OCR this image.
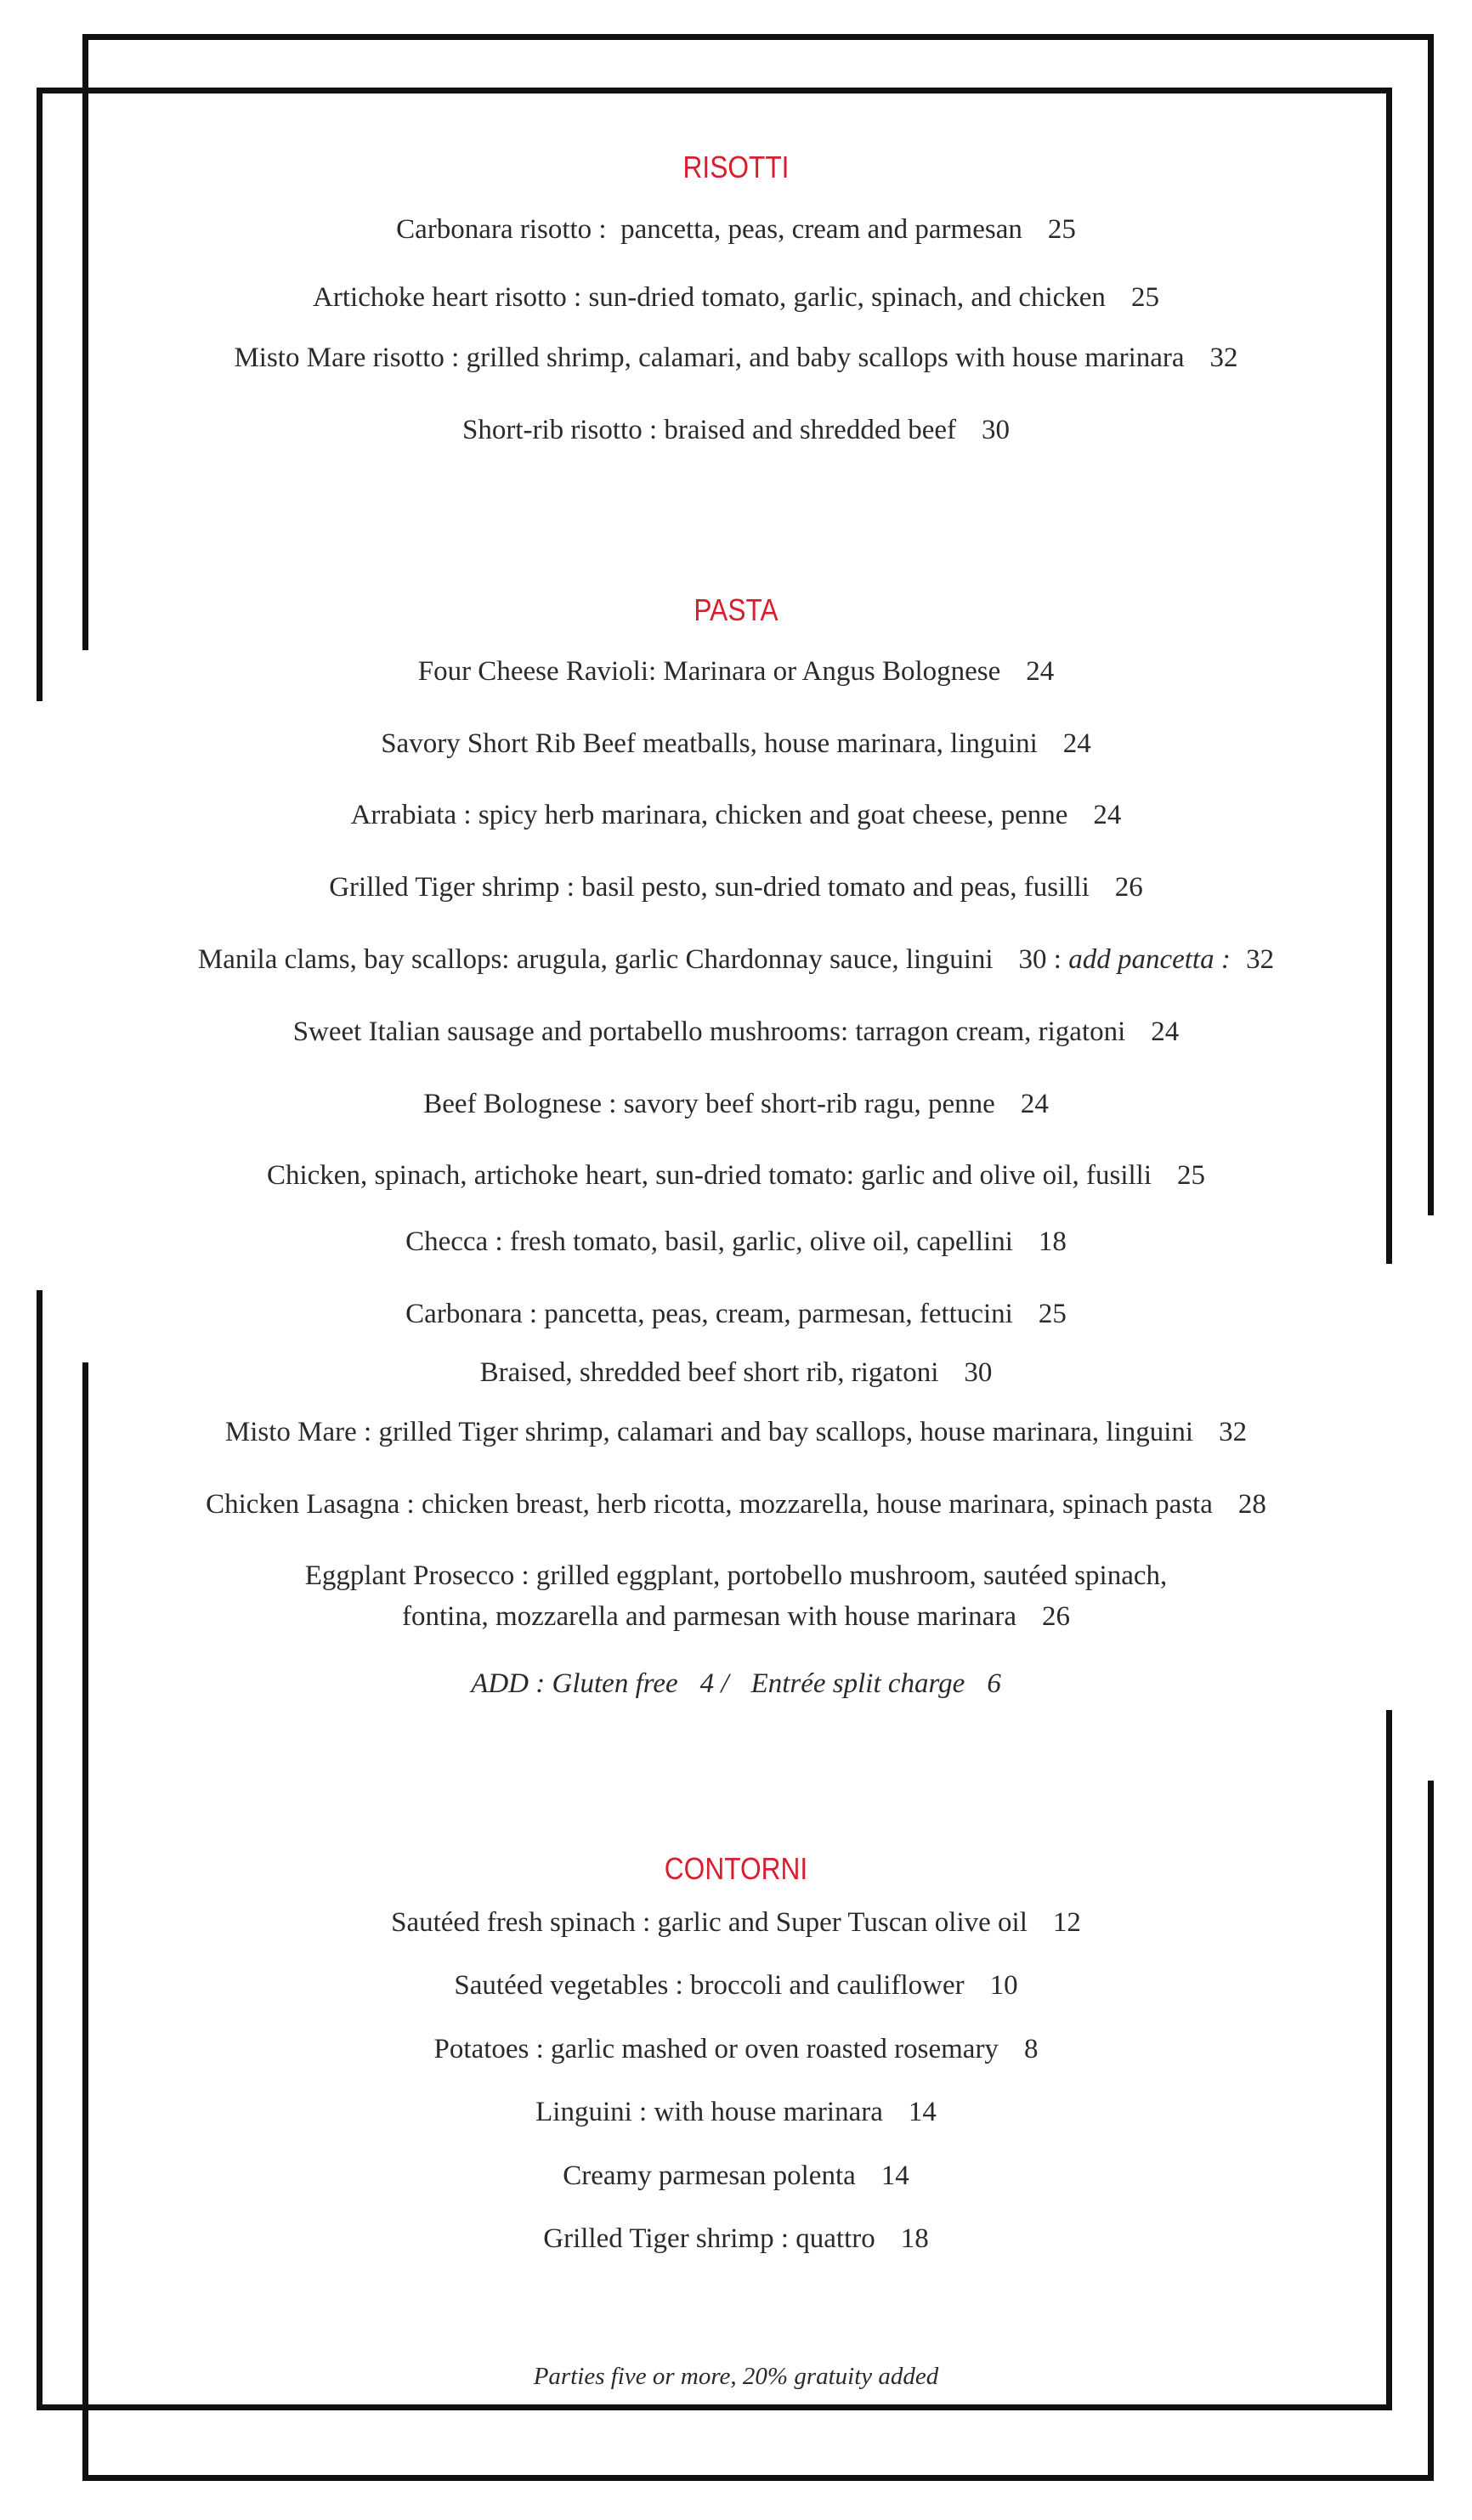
RISOTTI
Carbonara risotto :  pancetta, peas, cream and parmesan 25
Artichoke heart risotto : sun-dried tomato, garlic, spinach, and chicken 25
Misto Mare risotto : grilled shrimp, calamari, and baby scallops with house marinara 32
Short-rib risotto : braised and shredded beef 30
PASTA
Four Cheese Ravioli: Marinara or Angus Bolognese 24
Savory Short Rib Beef meatballs, house marinara, linguini 24
Arrabiata : spicy herb marinara, chicken and goat cheese, penne 24
Grilled Tiger shrimp : basil pesto, sun-dried tomato and peas, fusilli 26
Manila clams, bay scallops: arugula, garlic Chardonnay sauce, linguini 30 : add pancetta : 32
Sweet Italian sausage and portabello mushrooms: tarragon cream, rigatoni 24
Beef Bolognese : savory beef short-rib ragu, penne 24
Chicken, spinach, artichoke heart, sun-dried tomato: garlic and olive oil, fusilli 25
Checca : fresh tomato, basil, garlic, olive oil, capellini 18
Carbonara : pancetta, peas, cream, parmesan, fettucini 25
Braised, shredded beef short rib, rigatoni 30
Misto Mare : grilled Tiger shrimp, calamari and bay scallops, house marinara, linguini 32
Chicken Lasagna : chicken breast, herb ricotta, mozzarella, house marinara, spinach pasta 28
Eggplant Prosecco : grilled eggplant, portobello mushroom, sautéed spinach,
fontina, mozzarella and parmesan with house marinara 26
ADD : Gluten free 4 / Entrée split charge 6
CONTORNI
Sautéed fresh spinach : garlic and Super Tuscan olive oil 12
Sautéed vegetables : broccoli and cauliflower 10
Potatoes : garlic mashed or oven roasted rosemary 8
Linguini : with house marinara 14
Creamy parmesan polenta 14
Grilled Tiger shrimp : quattro 18
Parties five or more, 20% gratuity added
